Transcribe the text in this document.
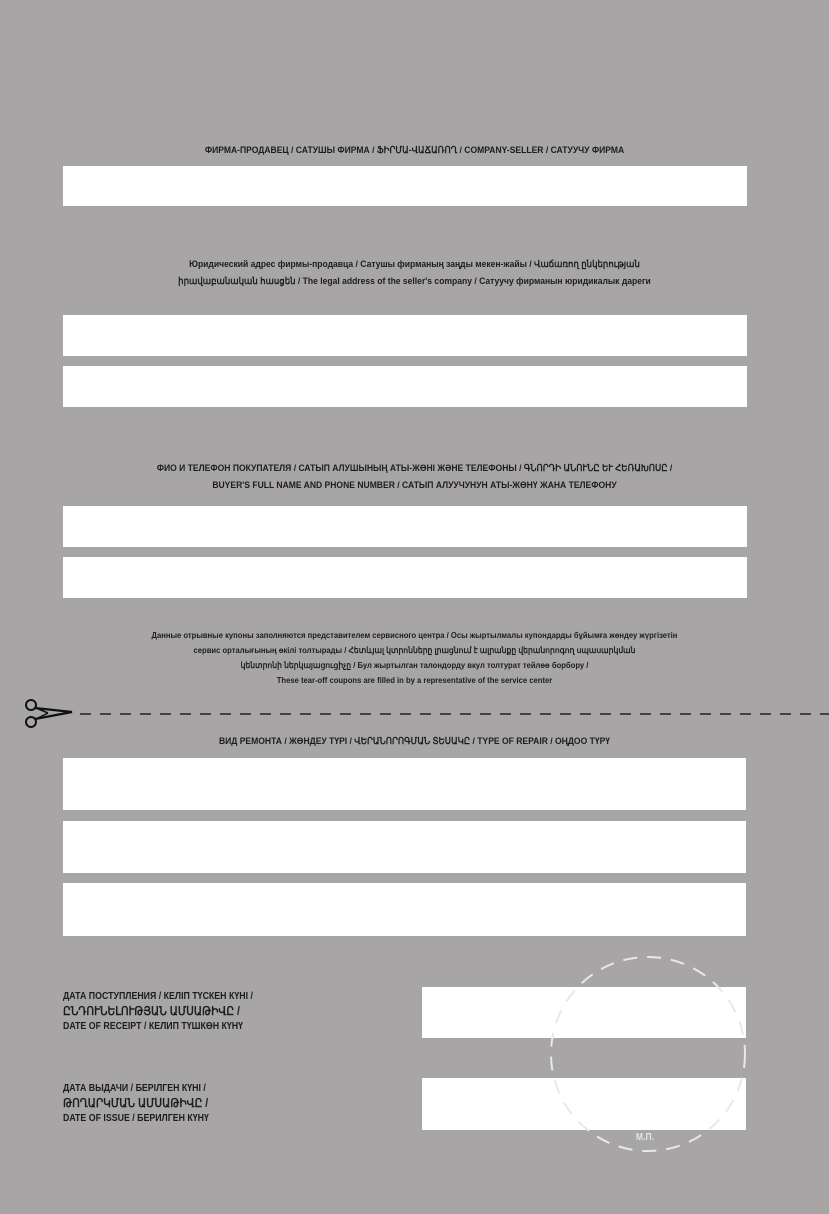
ФИРМА-ПРОДАВЕЦ / САТУШЫ ФИРМА / ՖԻՐՄԱ-ՎԱՃԱՌՈՂ / COMPANY-SELLER / САТУУЧУ ФИРМА
Юридический адрес фирмы-продавца / Сатушы фирманың заңды мекен-жайы / Վաճառող ընկերության
իրավաբանական հասցեն / The legal address of the seller's company / Сатуучу фирманын юридикалык дареги
ФИО И ТЕЛЕФОН ПОКУПАТЕЛЯ / САТЫП АЛУШЫНЫҢ АТЫ-ЖӨНІ ЖӘНЕ ТЕЛЕФОНЫ / ԳՆՈՐԴԻ ԱՆՈՒՆԸ ԵՒ ՀԵՌԱԽՈՍԸ /
BUYER'S FULL NAME AND PHONE NUMBER / САТЫП АЛУУЧУНУН АТЫ-ЖӨНҮ ЖАНА ТЕЛЕФОНУ
Данные отрывные купоны заполняются представителем сервисного центра / Осы жыртылмалы купондарды бұйымға жөндеу жүргізетін
сервис орталығының өкілі толтырады / Հետևյալ կտրոնները լրացնում է ալրանքը վերանորոգող սպասարկման
կենտրոնի ներկայացուցիչը / Бул жыртылган талондорду вкул толтурат тейлөө борбору /
These tear-off coupons are filled in by a representative of the service center
ВИД РЕМОНТА / ЖӨНДЕУ ТҮРІ / ՎԵՐԱՆՈՐՈԳՄԱՆ ՏԵՍԱԿԸ / TYPE OF REPAIR / ОҢДОО ТҮРҮ
ДАТА ПОСТУПЛЕНИЯ / КЕЛІП ТҮСКЕН КҮНІ /
ԸՆԴՈՒՆԵԼՈՒԹՅԱՆ ԱՄՍԱԹԻՎԸ /
DATE OF RECEIPT / КЕЛИП ТҮШКӨН КҮНҮ
ДАТА ВЫДАЧИ / БЕРІЛГЕН КҮНІ /
ԹՈՂԱՐԿՄԱՆ ԱՄՍԱԹԻՎԸ /
DATE OF ISSUE / БЕРИЛГЕН КҮНҮ
М.П.
